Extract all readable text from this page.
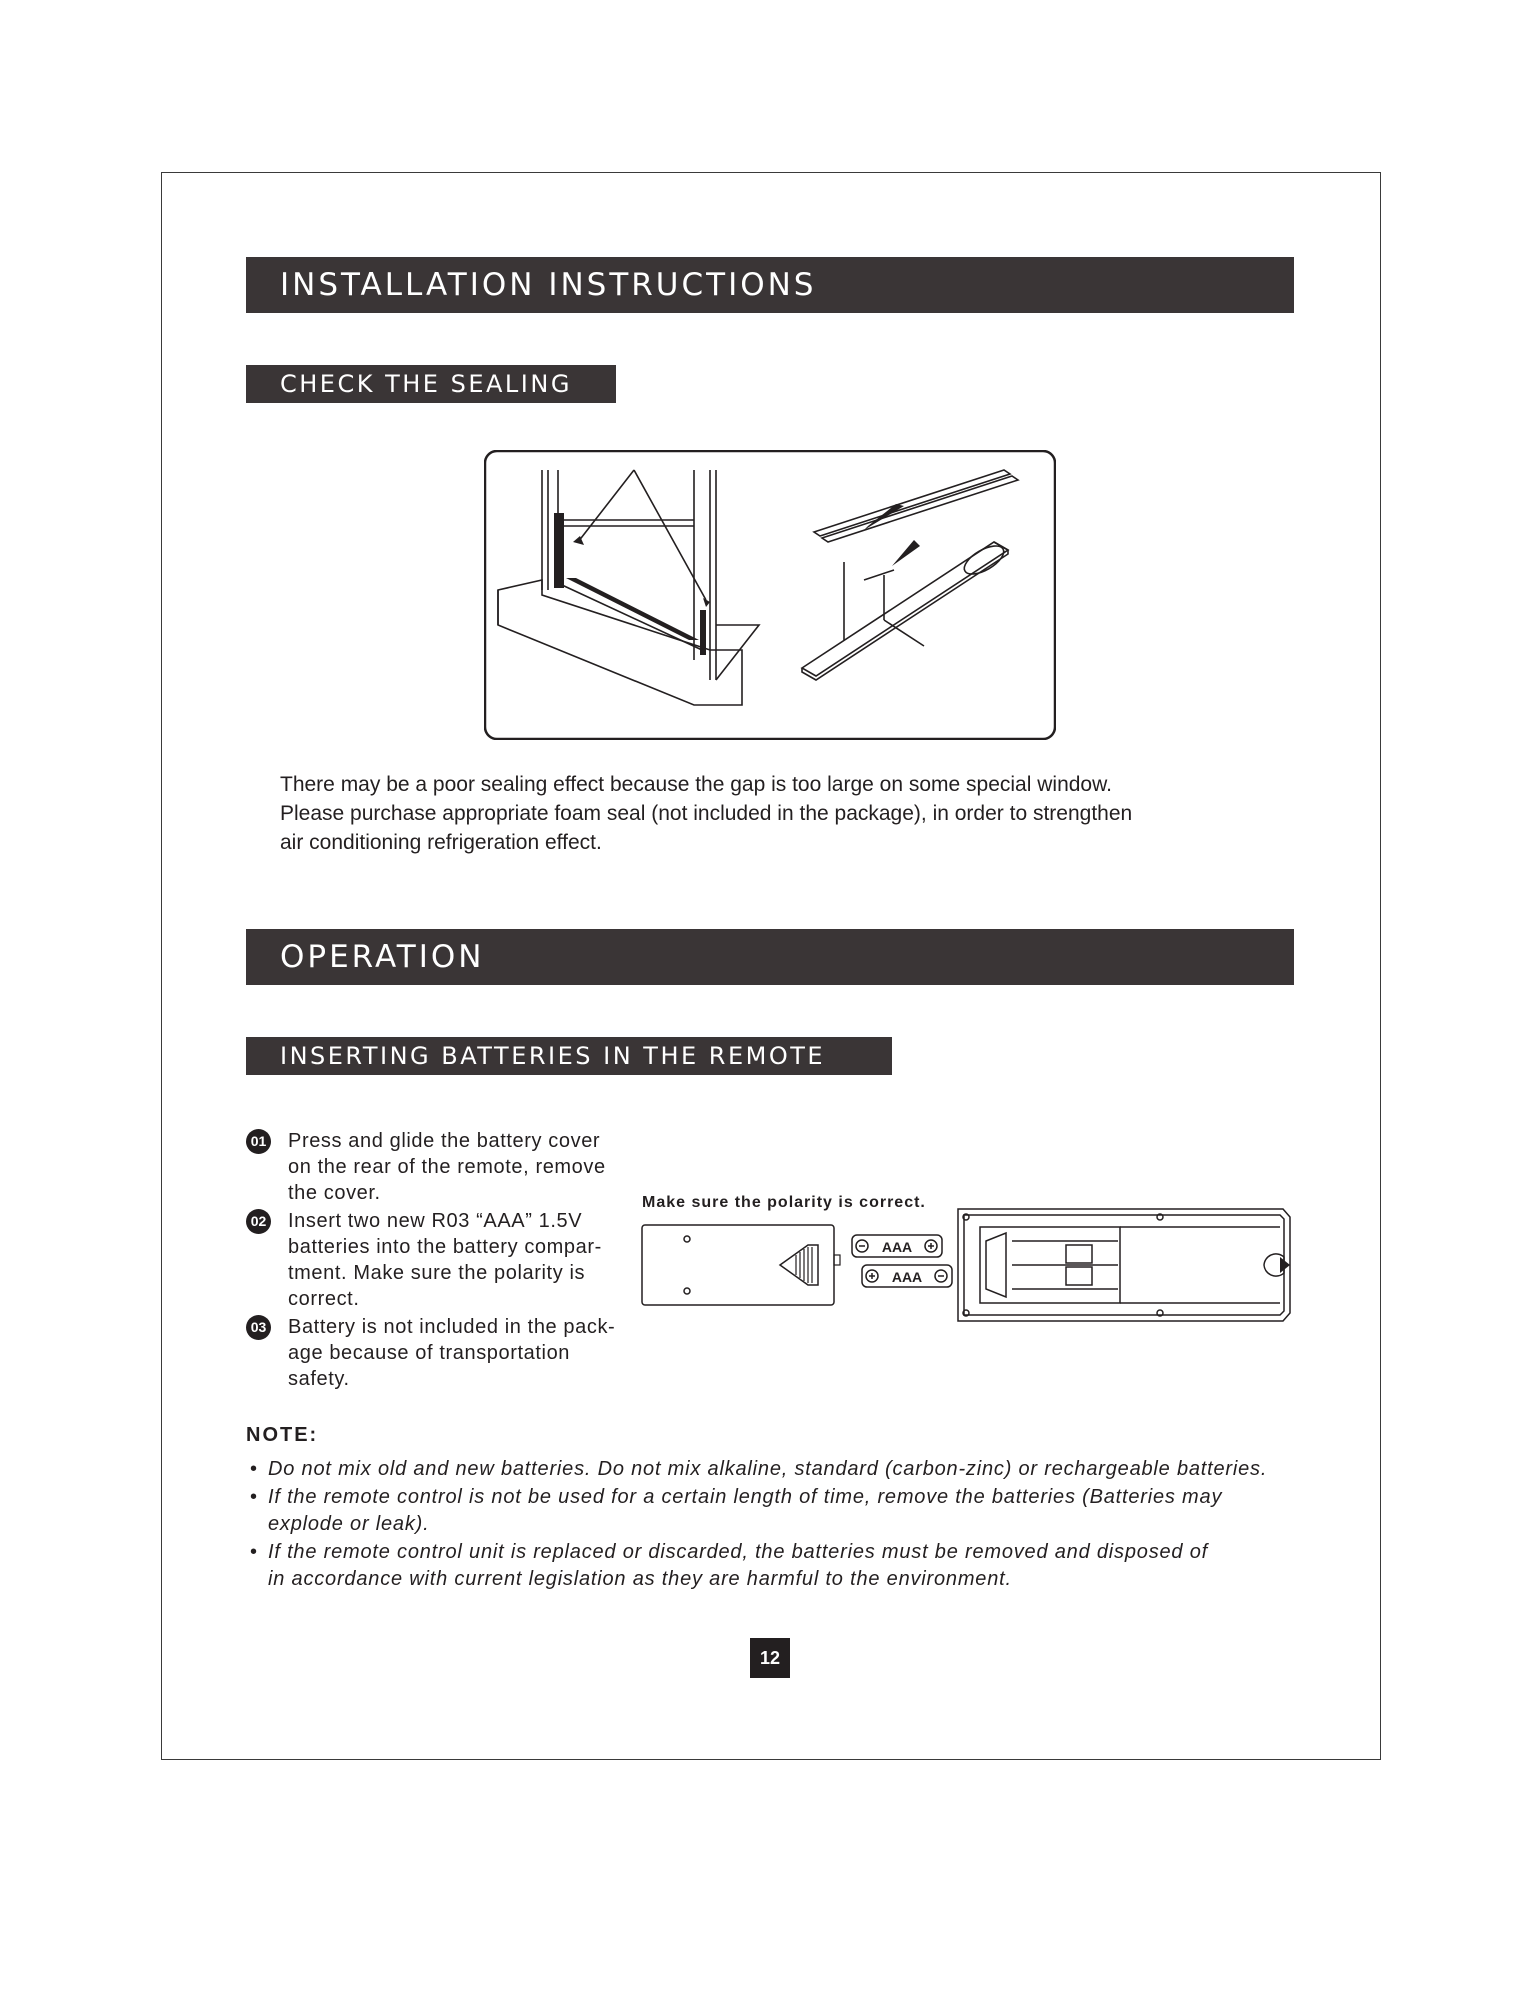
INSTALLATION INSTRUCTIONS
CHECK THE SEALING
There may be a poor sealing effect because the gap is too large on some special window.
Please purchase appropriate foam seal (not included in the package), in order to strengthen
air conditioning refrigeration effect.
OPERATION
INSERTING BATTERIES IN THE REMOTE
01 Press and glide the battery cover
on the rear of the remote, remove
the cover.
02 Insert two new R03 “AAA” 1.5V
batteries into the battery compar-
tment. Make sure the polarity is
correct.
03 Battery is not included in the pack-
age because of transportation
safety.
Make sure the polarity is correct.
AAA
AAA
NOTE:
• Do not mix old and new batteries. Do not mix alkaline, standard (carbon-zinc) or rechargeable batteries.
• If the remote control is not be used for a certain length of time, remove the batteries (Batteries may
explode or leak).
• If the remote control unit is replaced or discarded, the batteries must be removed and disposed of
in accordance with current legislation as they are harmful to the environment.
12
